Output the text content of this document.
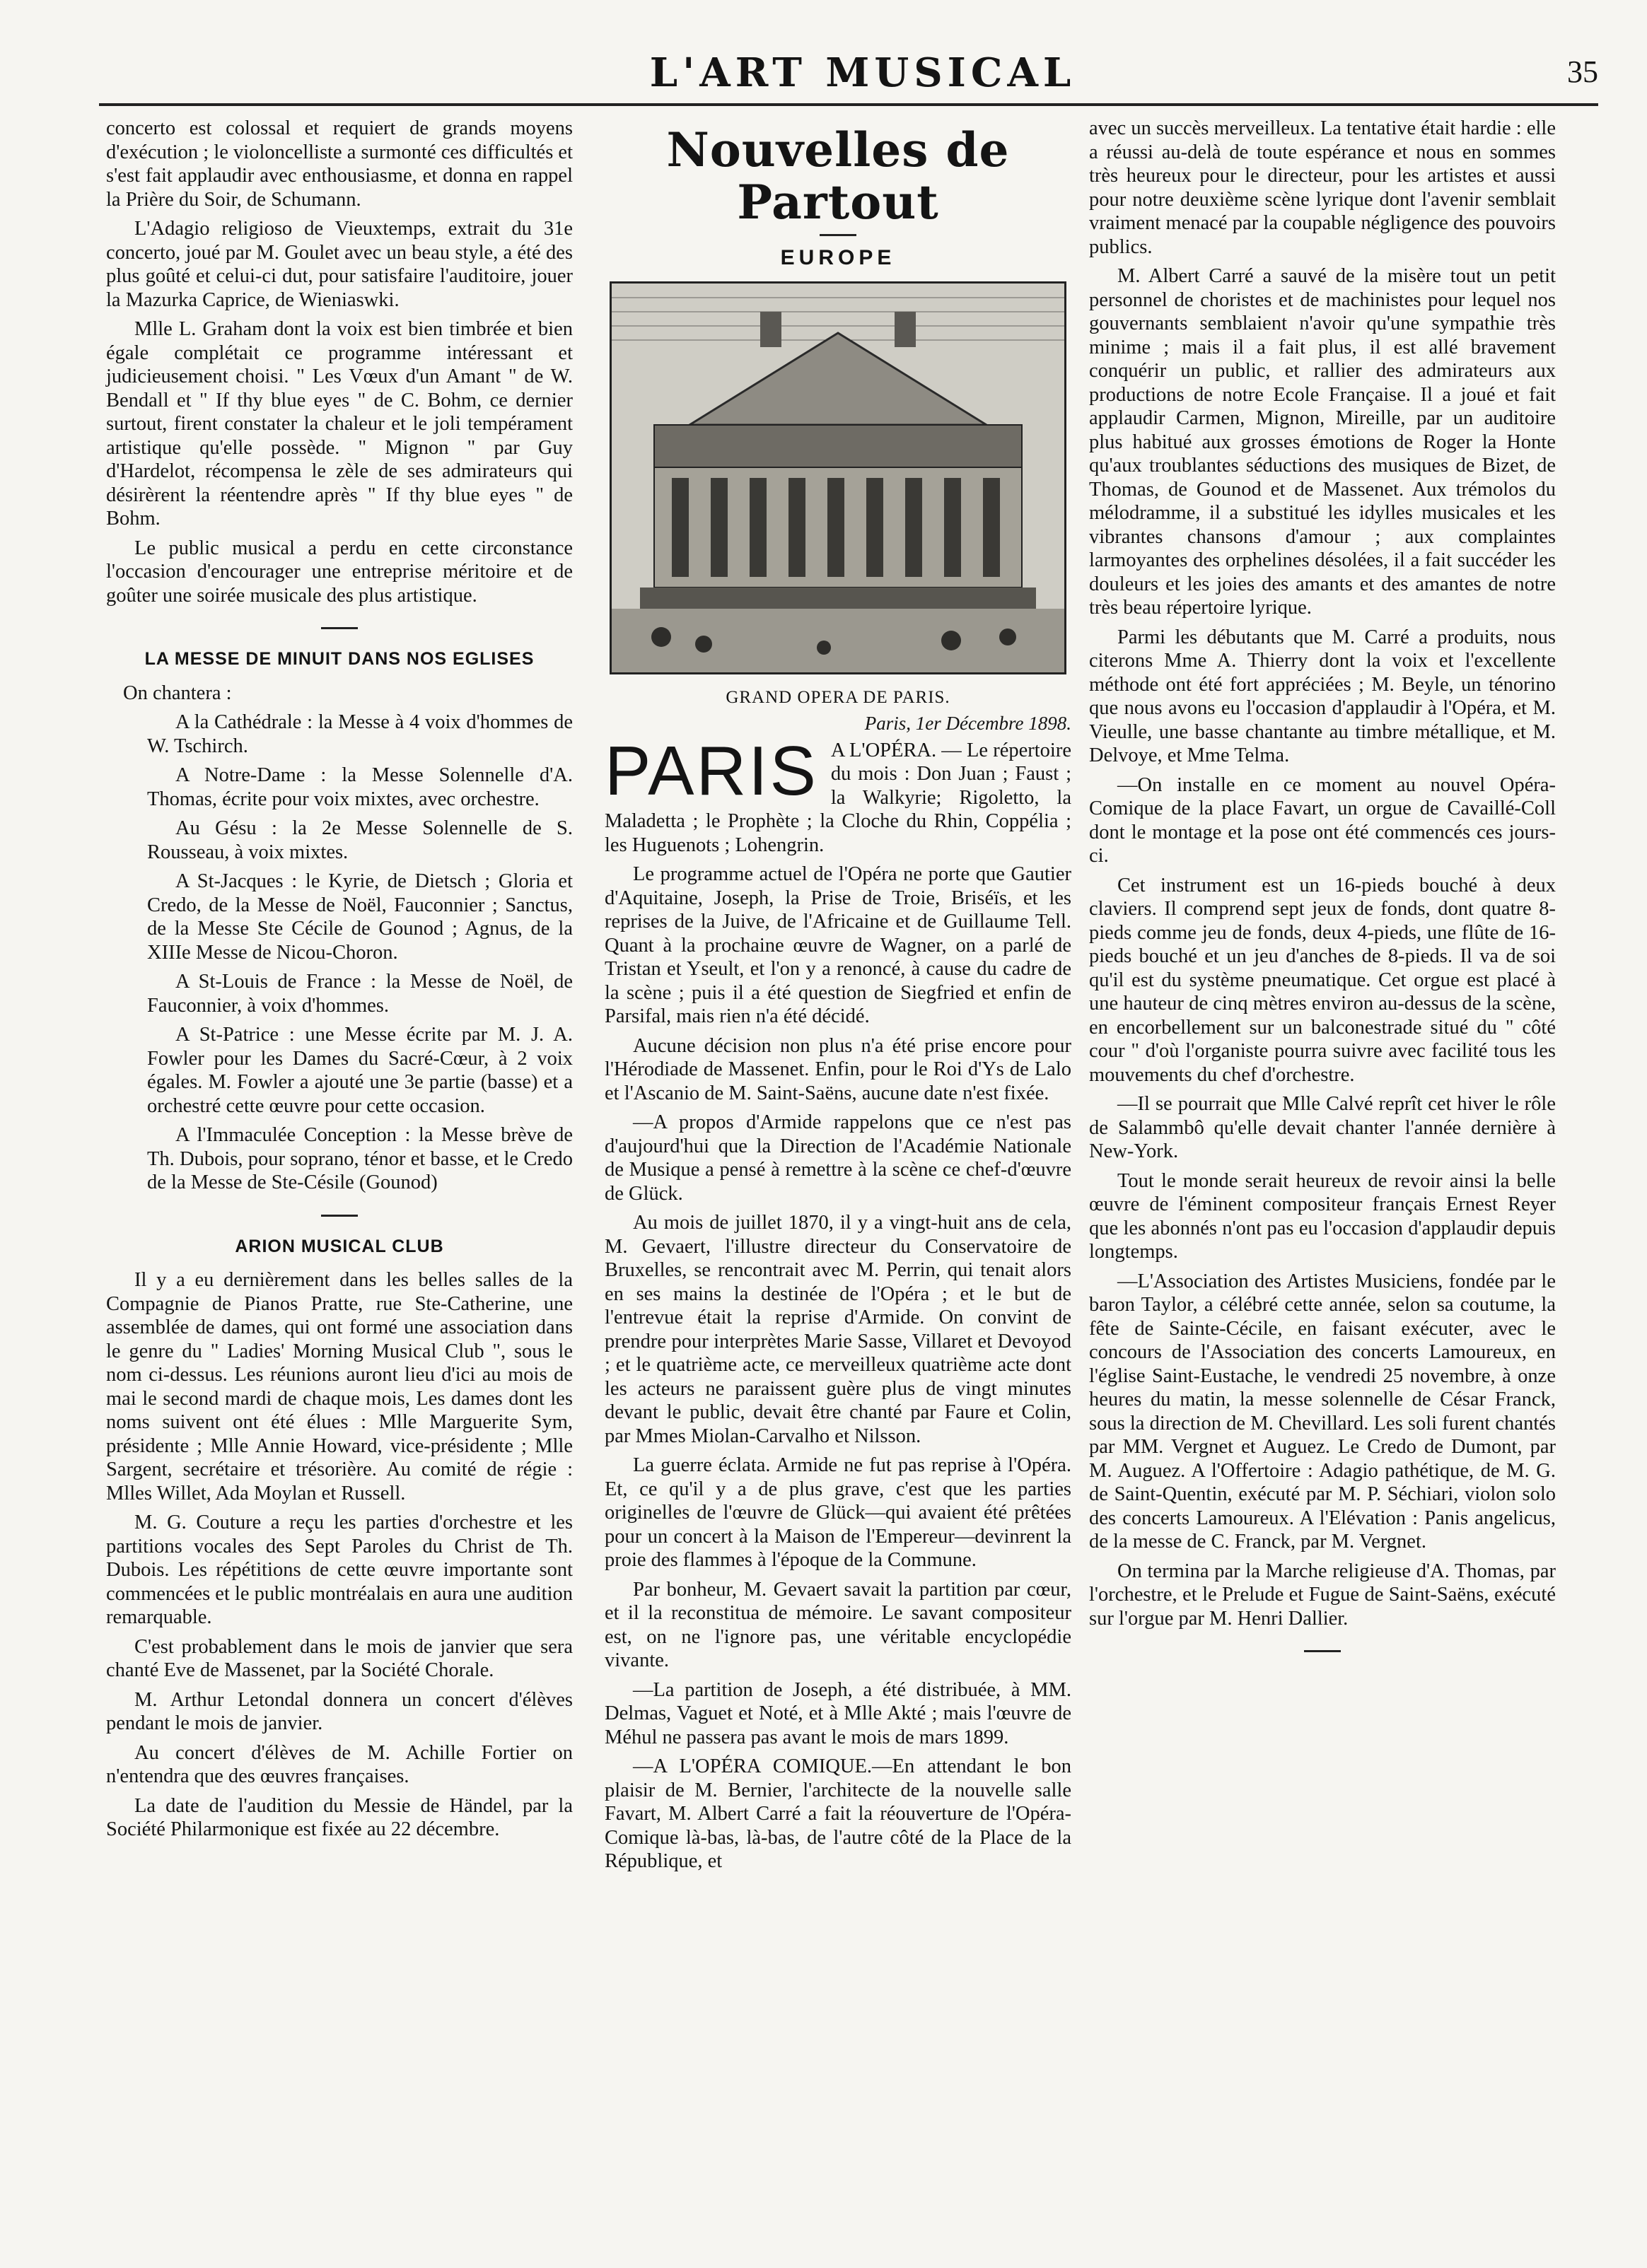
L'ART MUSICAL	35

concerto est colossal et requiert de grands moyens d'exécution ; le violoncelliste a surmonté ces difficultés et s'est fait applaudir avec enthousiasme, et donna en rappel la Prière du Soir, de Schumann.

L'Adagio religioso de Vieuxtemps, extrait du 31e concerto, joué par M. Goulet avec un beau style, a été des plus goûté et celui-ci dut, pour satisfaire l'auditoire, jouer la Mazurka Caprice, de Wieniaswki.

Mlle L. Graham dont la voix est bien timbrée et bien égale complétait ce programme intéressant et judicieusement choisi. " Les Vœux d'un Amant " de W. Bendall et " If thy blue eyes " de C. Bohm, ce dernier surtout, firent constater la chaleur et le joli tempérament artistique qu'elle possède. " Mignon " par Guy d'Hardelot, récompensa le zèle de ses admirateurs qui désirèrent la réentendre après " If thy blue eyes " de Bohm.

Le public musical a perdu en cette circonstance l'occasion d'encourager une entreprise méritoire et de goûter une soirée musicale des plus artistique.

LA MESSE DE MINUIT DANS NOS EGLISES

On chantera :

A la Cathédrale : la Messe à 4 voix d'hommes de W. Tschirch.

A Notre-Dame : la Messe Solennelle d'A. Thomas, écrite pour voix mixtes, avec orchestre.

Au Gésu : la 2e Messe Solennelle de S. Rousseau, à voix mixtes.

A St-Jacques : le Kyrie, de Dietsch ; Gloria et Credo, de la Messe de Noël, Fauconnier ; Sanctus, de la Messe Ste Cécile de Gounod ; Agnus, de la XIIIe Messe de Nicou-Choron.

A St-Louis de France : la Messe de Noël, de Fauconnier, à voix d'hommes.

A St-Patrice : une Messe écrite par M. J. A. Fowler pour les Dames du Sacré-Cœur, à 2 voix égales. M. Fowler a ajouté une 3e partie (basse) et a orchestré cette œuvre pour cette occasion.

A l'Immaculée Conception : la Messe brève de Th. Dubois, pour soprano, ténor et basse, et le Credo de la Messe de Ste-Césile (Gounod)

ARION MUSICAL CLUB

Il y a eu dernièrement dans les belles salles de la Compagnie de Pianos Pratte, rue Ste-Catherine, une assemblée de dames, qui ont formé une association dans le genre du " Ladies' Morning Musical Club ", sous le nom ci-dessus. Les réunions auront lieu d'ici au mois de mai le second mardi de chaque mois, Les dames dont les noms suivent ont été élues : Mlle Marguerite Sym, présidente ; Mlle Annie Howard, vice-présidente ; Mlle Sargent, secrétaire et trésorière. Au comité de régie : Mlles Willet, Ada Moylan et Russell.

M. G. Couture a reçu les parties d'orchestre et les partitions vocales des Sept Paroles du Christ de Th. Dubois. Les répétitions de cette œuvre importante sont commencées et le public montréalais en aura une audition remarquable.

C'est probablement dans le mois de janvier que sera chanté Eve de Massenet, par la Société Chorale.

M. Arthur Letondal donnera un concert d'élèves pendant le mois de janvier.

Au concert d'élèves de M. Achille Fortier on n'entendra que des œuvres françaises.

La date de l'audition du Messie de Händel, par la Société Philarmonique est fixée au 22 décembre.

Nouvelles de Partout
EUROPE
GRAND OPERA DE PARIS.
Paris, 1er Décembre 1898.
PARIS A L'OPÉRA. — Le répertoire du mois : Don Juan ; Faust ; la Walkyrie; Rigoletto, la Maladetta ; le Prophète ; la Cloche du Rhin, Coppélia ; les Huguenots ; Lohengrin.

Le programme actuel de l'Opéra ne porte que Gautier d'Aquitaine, Joseph, la Prise de Troie, Briséïs, et les reprises de la Juive, de l'Africaine et de Guillaume Tell. Quant à la prochaine œuvre de Wagner, on a parlé de Tristan et Yseult, et l'on y a renoncé, à cause du cadre de la scène ; puis il a été question de Siegfried et enfin de Parsifal, mais rien n'a été décidé.

Aucune décision non plus n'a été prise encore pour l'Hérodiade de Massenet. Enfin, pour le Roi d'Ys de Lalo et l'Ascanio de M. Saint-Saëns, aucune date n'est fixée.

—A propos d'Armide rappelons que ce n'est pas d'aujourd'hui que la Direction de l'Académie Nationale de Musique a pensé à remettre à la scène ce chef-d'œuvre de Glück.

Au mois de juillet 1870, il y a vingt-huit ans de cela, M. Gevaert, l'illustre directeur du Conservatoire de Bruxelles, se rencontrait avec M. Perrin, qui tenait alors en ses mains la destinée de l'Opéra ; et le but de l'entrevue était la reprise d'Armide. On convint de prendre pour interprètes Marie Sasse, Villaret et Devoyod ; et le quatrième acte, ce merveilleux quatrième acte dont les acteurs ne paraissent guère plus de vingt minutes devant le public, devait être chanté par Faure et Colin, par Mmes Miolan-Carvalho et Nilsson.

La guerre éclata. Armide ne fut pas reprise à l'Opéra. Et, ce qu'il y a de plus grave, c'est que les parties originelles de l'œuvre de Glück—qui avaient été prêtées pour un concert à la Maison de l'Empereur—devinrent la proie des flammes à l'époque de la Commune.

Par bonheur, M. Gevaert savait la partition par cœur, et il la reconstitua de mémoire. Le savant compositeur est, on ne l'ignore pas, une véritable encyclopédie vivante.

—La partition de Joseph, a été distribuée, à MM. Delmas, Vaguet et Noté, et à Mlle Akté ; mais l'œuvre de Méhul ne passera pas avant le mois de mars 1899.

—A L'OPÉRA COMIQUE.—En attendant le bon plaisir de M. Bernier, l'architecte de la nouvelle salle Favart, M. Albert Carré a fait la réouverture de l'Opéra-Comique là-bas, là-bas, de l'autre côté de la Place de la République, et

avec un succès merveilleux. La tentative était hardie : elle a réussi au-delà de toute espérance et nous en sommes très heureux pour le directeur, pour les artistes et aussi pour notre deuxième scène lyrique dont l'avenir semblait vraiment menacé par la coupable négligence des pouvoirs publics.

M. Albert Carré a sauvé de la misère tout un petit personnel de choristes et de machinistes pour lequel nos gouvernants semblaient n'avoir qu'une sympathie très minime ; mais il a fait plus, il est allé bravement conquérir un public, et rallier des admirateurs aux productions de notre Ecole Française. Il a joué et fait applaudir Carmen, Mignon, Mireille, par un auditoire plus habitué aux grosses émotions de Roger la Honte qu'aux troublantes séductions des musiques de Bizet, de Thomas, de Gounod et de Massenet. Aux trémolos du mélodramme, il a substitué les idylles musicales et les vibrantes chansons d'amour ; aux complaintes larmoyantes des orphelines désolées, il a fait succéder les douleurs et les joies des amants et des amantes de notre très beau répertoire lyrique.

Parmi les débutants que M. Carré a produits, nous citerons Mme A. Thierry dont la voix et l'excellente méthode ont été fort appréciées ; M. Beyle, un ténorino que nous avons eu l'occasion d'applaudir à l'Opéra, et M. Vieulle, une basse chantante au timbre métallique, et M. Delvoye, et Mme Telma.

—On installe en ce moment au nouvel Opéra-Comique de la place Favart, un orgue de Cavaillé-Coll dont le montage et la pose ont été commencés ces jours-ci.

Cet instrument est un 16-pieds bouché à deux claviers. Il comprend sept jeux de fonds, dont quatre 8-pieds comme jeu de fonds, deux 4-pieds, une flûte de 16-pieds bouché et un jeu d'anches de 8-pieds. Il va de soi qu'il est du système pneumatique. Cet orgue est placé à une hauteur de cinq mètres environ au-dessus de la scène, en encorbellement sur un balconestrade situé du " côté cour " d'où l'organiste pourra suivre avec facilité tous les mouvements du chef d'orchestre.

—Il se pourrait que Mlle Calvé reprît cet hiver le rôle de Salammbô qu'elle devait chanter l'année dernière à New-York.

Tout le monde serait heureux de revoir ainsi la belle œuvre de l'éminent compositeur français Ernest Reyer que les abonnés n'ont pas eu l'occasion d'applaudir depuis longtemps.

—L'Association des Artistes Musiciens, fondée par le baron Taylor, a célébré cette année, selon sa coutume, la fête de Sainte-Cécile, en faisant exécuter, avec le concours de l'Association des concerts Lamoureux, en l'église Saint-Eustache, le vendredi 25 novembre, à onze heures du matin, la messe solennelle de César Franck, sous la direction de M. Chevillard. Les soli furent chantés par MM. Vergnet et Auguez. Le Credo de Dumont, par M. Auguez. A l'Offertoire : Adagio pathétique, de M. G. de Saint-Quentin, exécuté par M. P. Séchiari, violon solo des concerts Lamoureux. A l'Elévation : Panis angelicus, de la messe de C. Franck, par M. Vergnet.

On termina par la Marche religieuse d'A. Thomas, par l'orchestre, et le Prelude et Fugue de Saint-Saëns, exécuté sur l'orgue par M. Henri Dallier.
